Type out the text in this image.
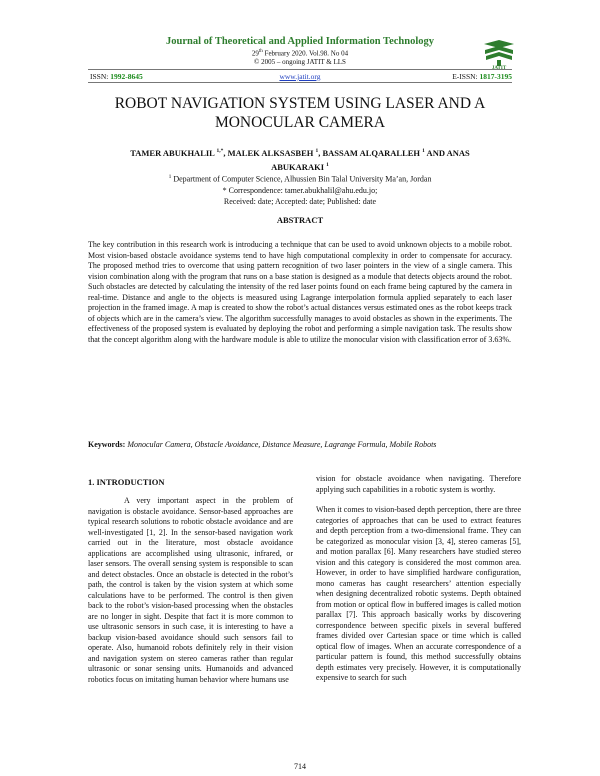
Journal of Theoretical and Applied Information Technology
29th February 2020. Vol.98. No 04
© 2005 – ongoing JATIT & LLS
JATIT
ISSN: 1992-8645	www.jatit.org	E-ISSN: 1817-3195
ROBOT NAVIGATION SYSTEM USING LASER AND A
MONOCULAR CAMERA
TAMER ABUKHALIL $^{1,*}$, MALEK ALKSASBEH $^1$, BASSAM ALQARALLEH $^1$ AND ANAS
ABUKARAKI $^1$
$^1$ Department of Computer Science, Alhussien Bin Talal University Ma’an, Jordan
* Correspondence: tamer.abukhalil@ahu.edu.jo;
Received: date; Accepted: date; Published: date
ABSTRACT
The key contribution in this research work is introducing a technique that can be used to avoid unknown objects to a mobile robot. Most vision-based obstacle avoidance systems tend to have high computational complexity in order to compensate for accuracy. The proposed method tries to overcome that using pattern recognition of two laser pointers in the view of a single camera. This vision combination along with the program that runs on a base station is designed as a module that detects objects around the robot. Such obstacles are detected by calculating the intensity of the red laser points found on each frame being captured by the camera in real-time. Distance and angle to the objects is measured using Lagrange interpolation formula applied separately to each laser projection in the framed image. A map is created to show the robot’s actual distances versus estimated ones as the robot keeps track of objects which are in the camera’s view. The algorithm successfully manages to avoid obstacles as shown in the experiments. The effectiveness of the proposed system is evaluated by deploying the robot and performing a simple navigation task. The results show that the concept algorithm along with the hardware module is able to utilize the monocular vision with classification error of 3.63%.
Keywords: Monocular Camera, Obstacle Avoidance, Distance Measure, Lagrange Formula, Mobile Robots
1. INTRODUCTION

A very important aspect in the problem of navigation is obstacle avoidance. Sensor-based approaches are typical research solutions to robotic obstacle avoidance and are well-investigated [1, 2]. In the sensor-based navigation work carried out in the literature, most obstacle avoidance applications are accomplished using ultrasonic, infrared, or laser sensors. The overall sensing system is responsible to scan and detect obstacles. Once an obstacle is detected in the robot’s path, the control is taken by the vision system at which some calculations have to be performed. The control is then given back to the robot’s vision-based processing when the obstacles are no longer in sight. Despite that fact it is more common to use ultrasonic sensors in such case, it is interesting to have a backup vision-based avoidance should such sensors fail to operate. Also, humanoid robots definitely rely in their vision and navigation system on stereo cameras rather than regular ultrasonic or sonar sensing units. Humanoids and advanced robotics focus on imitating human behavior where humans use

vision for obstacle avoidance when navigating. Therefore applying such capabilities in a robotic system is worthy.

When it comes to vision-based depth perception, there are three categories of approaches that can be used to extract features and depth perception from a two-dimensional frame. They can be categorized as monocular vision [3, 4], stereo cameras [5], and motion parallax [6]. Many researchers have studied stereo vision and this category is considered the most common area. However, in order to have simplified hardware configuration, mono cameras has caught researchers’ attention especially when designing decentralized robotic systems. Depth obtained from motion or optical flow in buffered images is called motion parallax [7]. This approach basically works by discovering correspondence between specific pixels in several buffered frames divided over Cartesian space or time which is called optical flow of images. When an accurate correspondence of a particular pattern is found, this method successfully obtains depth estimates very precisely. However, it is computationally expensive to search for such

714
